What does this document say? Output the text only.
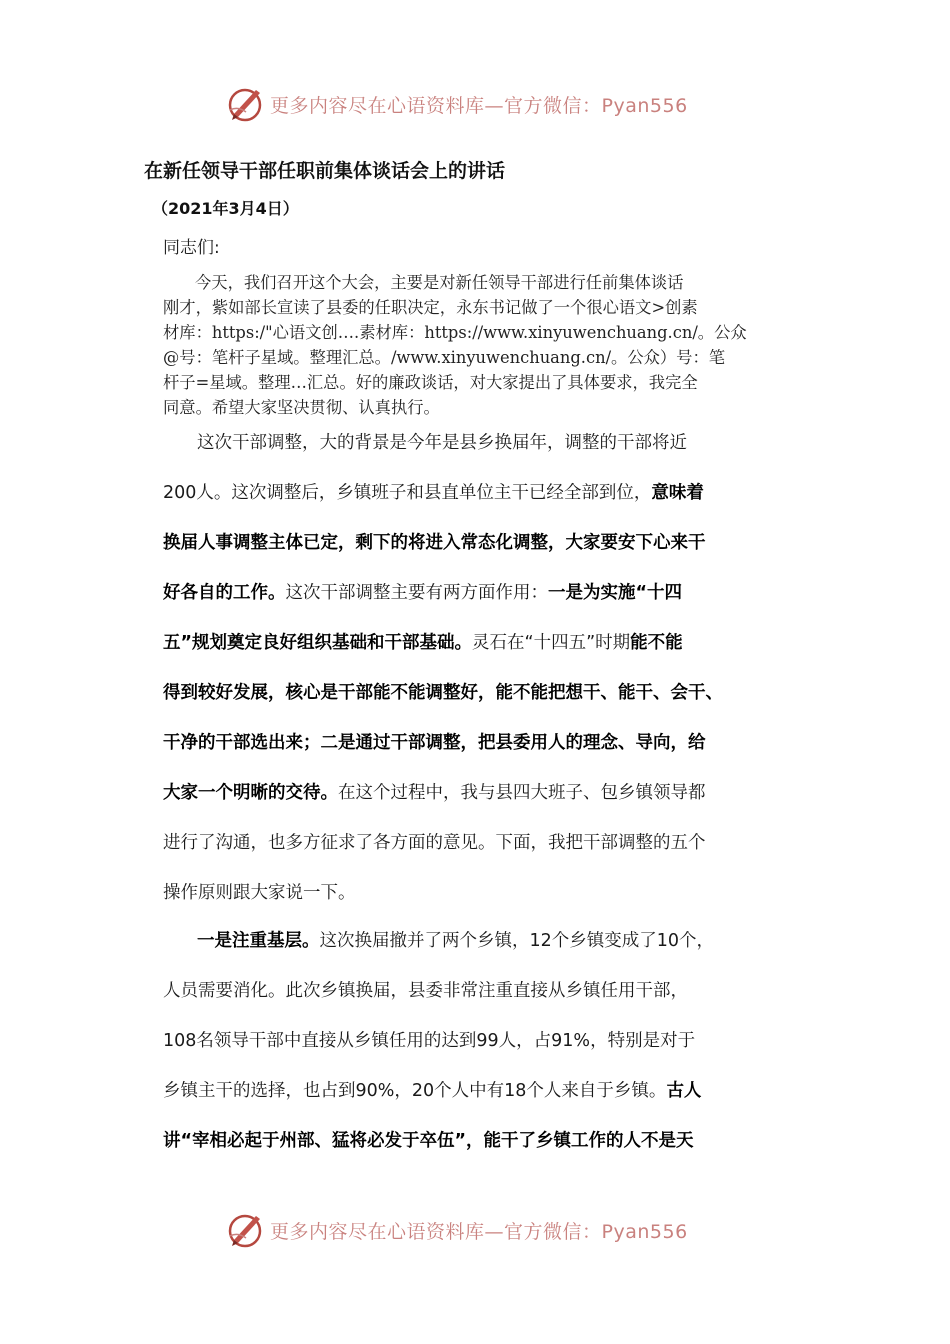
更多内容尽在心语资料库—官方微信：Pyan556
在新任领导干部任职前集体谈话会上的讲话
（2021年3月4日）
同志们:
今天，我们召开这个大会，主要是对新任领导干部进行任前集体谈话
刚才，紫如部长宣读了县委的任职决定，永东书记做了一个很心语文>创素
材库：https:/"心语文创….素材库：https://www.xinyuwenchuang.cn/。公众
@号：笔杆子星域。整理汇总。/www.xinyuwenchuang.cn/。公众）号：笔
杆子=星域。整理…汇总。好的廉政谈话，对大家提出了具体要求，我完全
同意。希望大家坚决贯彻、认真执行。
这次干部调整，大的背景是今年是县乡换届年，调整的干部将近
200人。这次调整后，乡镇班子和县直单位主干已经全部到位，意味着
换届人事调整主体已定，剩下的将进入常态化调整，大家要安下心来干
好各自的工作。这次干部调整主要有两方面作用：一是为实施“十四
五”规划奠定良好组织基础和干部基础。灵石在“十四五”时期能不能
得到较好发展，核心是干部能不能调整好，能不能把想干、能干、会干、
干净的干部选出来；二是通过干部调整，把县委用人的理念、导向，给
大家一个明晰的交待。在这个过程中，我与县四大班子、包乡镇领导都
进行了沟通，也多方征求了各方面的意见。下面，我把干部调整的五个
操作原则跟大家说一下。
一是注重基层。这次换届撤并了两个乡镇，12个乡镇变成了10个，
人员需要消化。此次乡镇换届，县委非常注重直接从乡镇任用干部，
108名领导干部中直接从乡镇任用的达到99人，占91%，特别是对于
乡镇主干的选择，也占到90%，20个人中有18个人来自于乡镇。古人
讲“宰相必起于州部、猛将必发于卒伍”，能干了乡镇工作的人不是天
更多内容尽在心语资料库—官方微信：Pyan556
